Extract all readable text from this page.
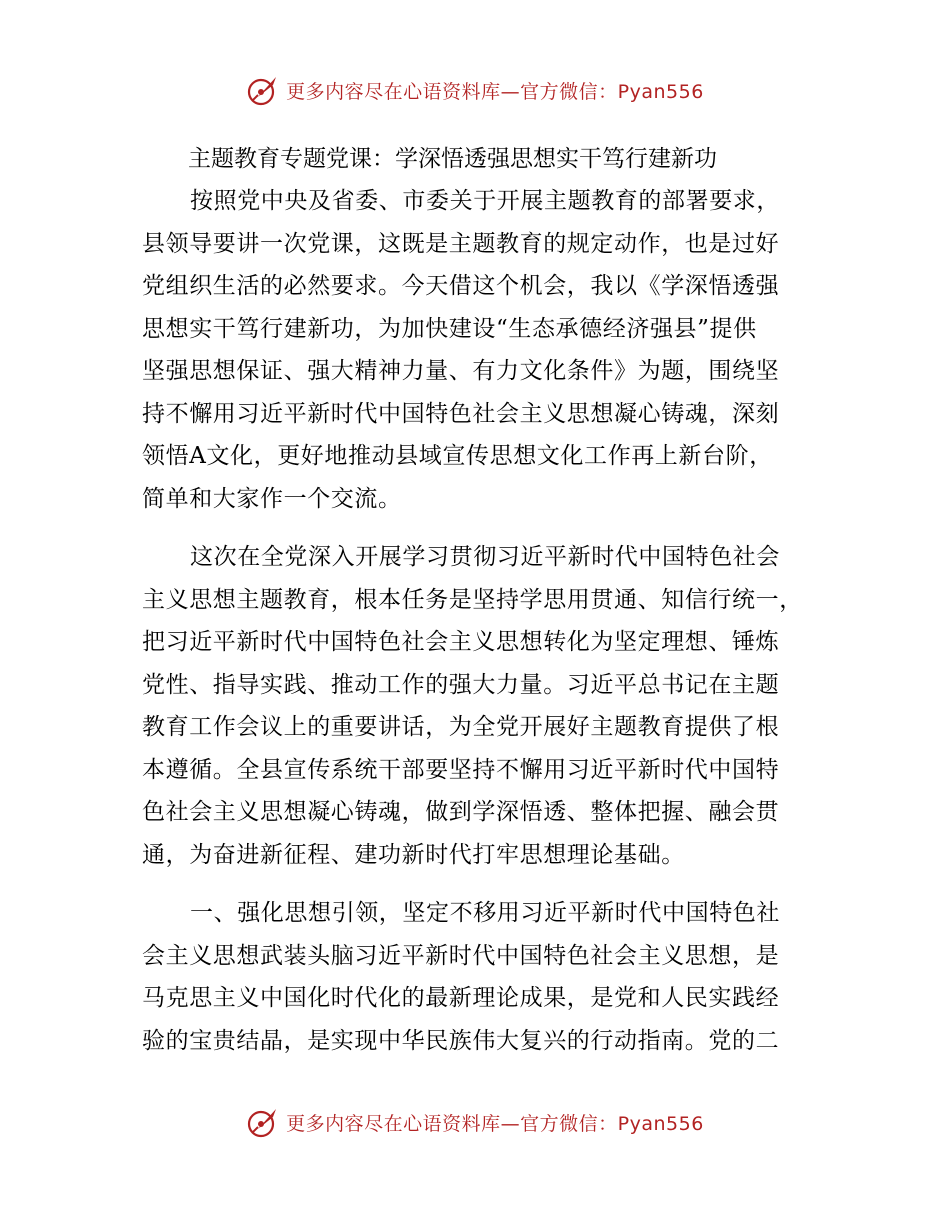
更多内容尽在心语资料库—官方微信：Pyan556
主题教育专题党课：学深悟透强思想实干笃行建新功
按照党中央及省委、市委关于开展主题教育的部署要求，
县领导要讲一次党课，这既是主题教育的规定动作，也是过好
党组织生活的必然要求。今天借这个机会，我以《学深悟透强
思想实干笃行建新功，为加快建设“生态承德经济强县”提供
坚强思想保证、强大精神力量、有力文化条件》为题，围绕坚
持不懈用习近平新时代中国特色社会主义思想凝心铸魂，深刻
领悟A文化，更好地推动县域宣传思想文化工作再上新台阶，
简单和大家作一个交流。
这次在全党深入开展学习贯彻习近平新时代中国特色社会
主义思想主题教育，根本任务是坚持学思用贯通、知信行统一，
把习近平新时代中国特色社会主义思想转化为坚定理想、锤炼
党性、指导实践、推动工作的强大力量。习近平总书记在主题
教育工作会议上的重要讲话，为全党开展好主题教育提供了根
本遵循。全县宣传系统干部要坚持不懈用习近平新时代中国特
色社会主义思想凝心铸魂，做到学深悟透、整体把握、融会贯
通，为奋进新征程、建功新时代打牢思想理论基础。
一、强化思想引领，坚定不移用习近平新时代中国特色社
会主义思想武装头脑习近平新时代中国特色社会主义思想，是
马克思主义中国化时代化的最新理论成果，是党和人民实践经
验的宝贵结晶，是实现中华民族伟大复兴的行动指南。党的二
更多内容尽在心语资料库—官方微信：Pyan556
